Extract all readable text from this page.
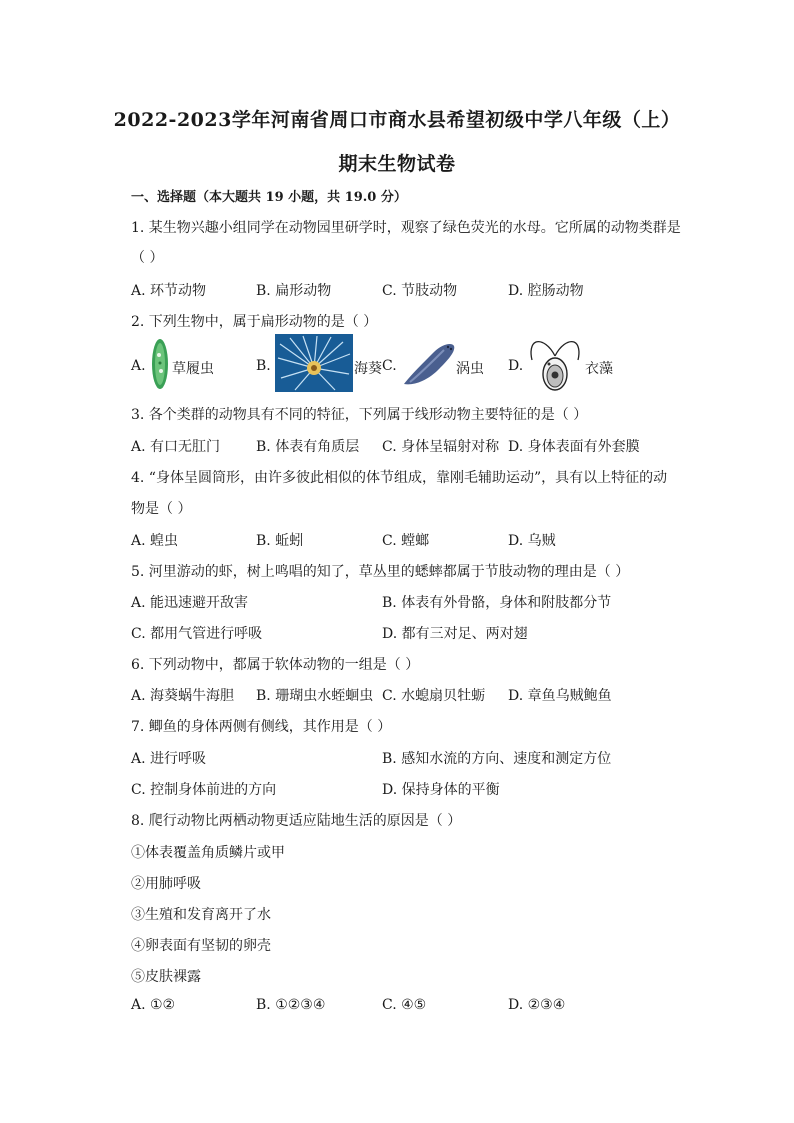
2022-2023学年河南省周口市商水县希望初级中学八年级（上）
期末生物试卷
一、选择题（本大题共 19 小题，共 19.0 分）
1. 某生物兴趣小组同学在动物园里研学时，观察了绿色荧光的水母。它所属的动物类群是
（ ）
A. 环节动物	B. 扁形动物	C. 节肢动物	D. 腔肠动物
2. 下列生物中，属于扁形动物的是（ ）
A. 草履虫	B.	海葵 C.	涡虫 D.	衣藻
3. 各个类群的动物具有不同的特征，下列属于线形动物主要特征的是（ ）
A. 有口无肛门	B. 体表有角质层 C. 身体呈辐射对称 D. 身体表面有外套膜
4. “身体呈圆筒形，由许多彼此相似的体节组成，靠刚毛辅助运动”，具有以上特征的动
物是（ ）
A. 蝗虫	B. 蚯蚓	C. 螳螂	D. 乌贼
5. 河里游动的虾，树上鸣唱的知了，草丛里的蟋蟀都属于节肢动物的理由是（ ）
A. 能迅速避开敌害	B. 体表有外骨骼，身体和附肢都分节
C. 都用气管进行呼吸	D. 都有三对足、两对翅
6. 下列动物中，都属于软体动物的一组是（ ）
A. 海葵蜗牛海胆 B. 珊瑚虫水蛭蛔虫 C. 水螅扇贝牡蛎 D. 章鱼乌贼鲍鱼
7. 鲫鱼的身体两侧有侧线，其作用是（ ）
A. 进行呼吸	B. 感知水流的方向、速度和测定方位
C. 控制身体前进的方向	D. 保持身体的平衡
8. 爬行动物比两栖动物更适应陆地生活的原因是（ ）
①体表覆盖角质鳞片或甲
②用肺呼吸
③生殖和发育离开了水
④卵表面有坚韧的卵壳
⑤皮肤裸露
A. ①②	B. ①②③④	C. ④⑤	D. ②③④
